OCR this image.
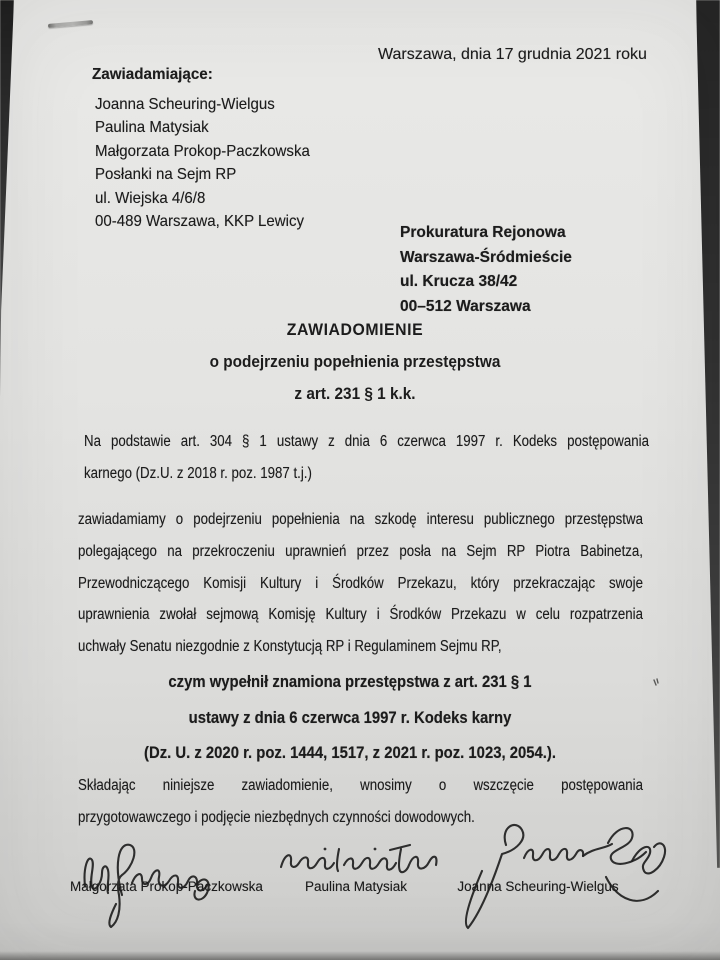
Warszawa, dnia 17 grudnia 2021 roku
Zawiadamiające:
Joanna Scheuring-Wielgus
Paulina Matysiak
Małgorzata Prokop-Paczkowska
Posłanki na Sejm RP
ul. Wiejska 4/6/8
00-489 Warszawa, KKP Lewicy
Prokuratura Rejonowa
Warszawa-Śródmieście
ul. Krucza 38/42
00–512 Warszawa
ZAWIADOMIENIE
o podejrzeniu popełnienia przestępstwa
z art. 231 § 1 k.k.
Na podstawie art. 304 § 1 ustawy z dnia 6 czerwca 1997 r. Kodeks postępowania
karnego (Dz.U. z 2018 r. poz. 1987 t.j.)
zawiadamiamy o podejrzeniu popełnienia na szkodę interesu publicznego przestępstwa
polegającego na przekroczeniu uprawnień przez posła na Sejm RP Piotra Babinetza,
Przewodniczącego Komisji Kultury i Środków Przekazu, który przekraczając swoje
uprawnienia zwołał sejmową Komisję Kultury i Środków Przekazu w celu rozpatrzenia
uchwały Senatu niezgodnie z Konstytucją RP i Regulaminem Sejmu RP,
czym wypełnił znamiona przestępstwa z art. 231 § 1
ustawy z dnia 6 czerwca 1997 r. Kodeks karny
(Dz. U. z 2020 r. poz. 1444, 1517, z 2021 r. poz. 1023, 2054.).
Składając niniejsze zawiadomienie, wnosimy o wszczęcie postępowania
przygotowawczego i podjęcie niezbędnych czynności dowodowych.
Małgorzata Prokop-Paczkowska	Paulina Matysiak	Joanna Scheuring-Wielgus
